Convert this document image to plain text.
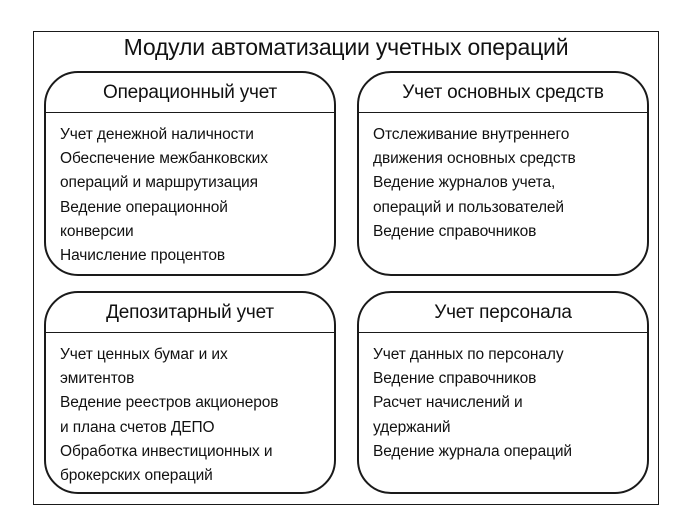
Модули автоматизации учетных операций
Операционный учет
Учет денежной наличности
Обеспечение межбанковских
операций и маршрутизация
Ведение операционной
конверсии
Начисление процентов
Учет основных средств
Отслеживание внутреннего
движения основных средств
Ведение журналов учета,
операций и пользователей
Ведение справочников
Депозитарный учет
Учет ценных бумаг и их
эмитентов
Ведение реестров акционеров
и плана счетов ДЕПО
Обработка инвестиционных и
брокерских операций
Учет персонала
Учет данных по персоналу
Ведение справочников
Расчет начислений и
удержаний
Ведение журнала операций
